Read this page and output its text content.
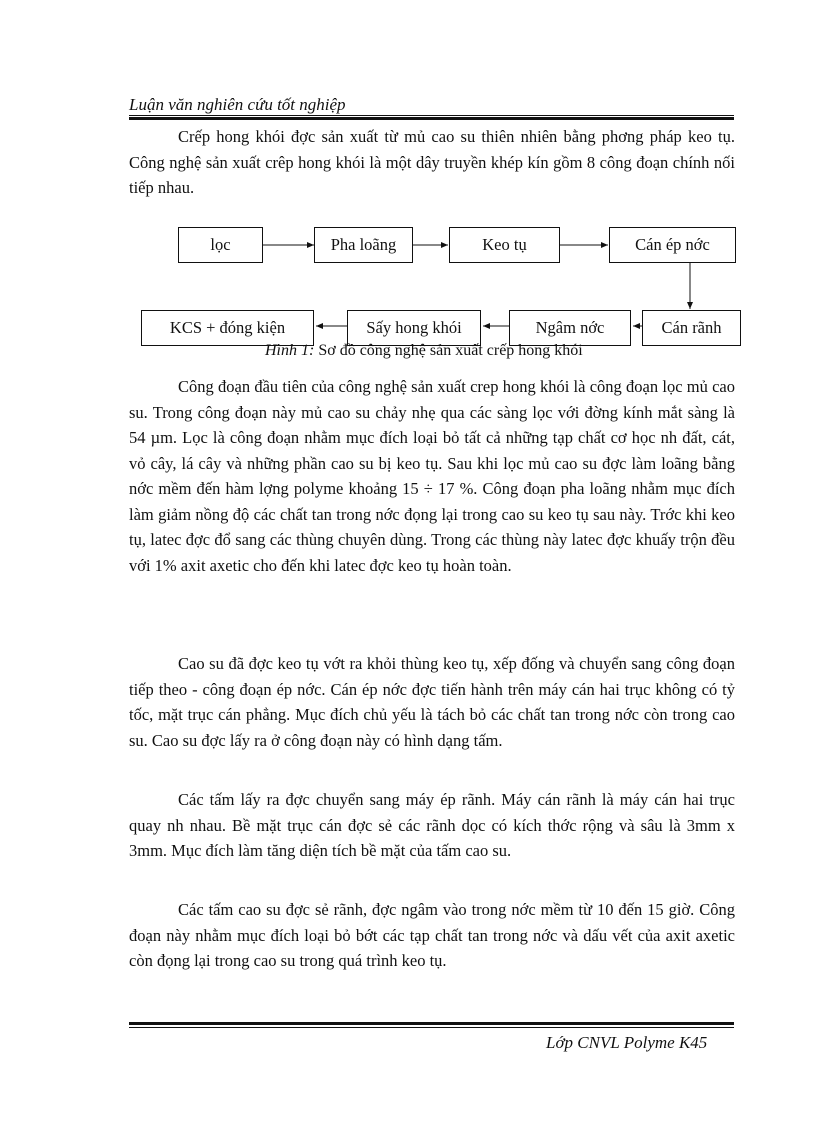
Luận văn nghiên cứu tốt nghiệp

Crếp hong khói đợc sản xuất từ mủ cao su thiên nhiên bằng phơng pháp keo tụ. Công nghệ sản xuất crêp hong khói là một dây truyền khép kín gồm 8 công đoạn chính nối tiếp nhau.

lọc	Pha loãng	Keo tụ	Cán ép nớc
Cán rãnh
Ngâm nớc
Sấy hong khói
KCS + đóng kiện
Hình 1: Sơ đồ công nghệ sản xuất crếp hong khói

Công đoạn đầu tiên của công nghệ sản xuất crep hong khói là công đoạn lọc mủ cao su. Trong công đoạn này mủ cao su chảy nhẹ qua các sàng lọc với đờng kính mắt sàng là 54 µm. Lọc là công đoạn nhằm mục đích loại bỏ tất cả những tạp chất cơ học nh đất, cát, vỏ cây, lá cây và những phần cao su bị keo tụ. Sau khi lọc mủ cao su đợc làm loãng bằng nớc mềm đến hàm lợng polyme khoảng 15 ÷ 17 %. Công đoạn pha loãng nhằm mục đích làm giảm nồng độ các chất tan trong nớc đọng lại trong cao su keo tụ sau này. Trớc khi keo tụ, latec đợc đổ sang các thùng chuyên dùng. Trong các thùng này latec đợc khuấy trộn đều với 1% axit axetic cho đến khi latec đợc keo tụ hoàn toàn.

Cao su đã đợc keo tụ vớt ra khỏi thùng keo tụ, xếp đống và chuyển sang công đoạn tiếp theo - công đoạn ép nớc. Cán ép nớc đợc tiến hành trên máy cán hai trục không có tỷ tốc, mặt trục cán phẳng. Mục đích chủ yếu là tách bỏ các chất tan trong nớc còn trong cao su. Cao su đợc lấy ra ở công đoạn này có hình dạng tấm.

Các tấm lấy ra đợc chuyển sang máy ép rãnh. Máy cán rãnh là máy cán hai trục quay nh nhau. Bề mặt trục cán đợc sẻ các rãnh dọc có kích thớc rộng và sâu là 3mm x 3mm. Mục đích làm tăng diện tích bề mặt của tấm cao su.

Các tấm cao su đợc sẻ rãnh, đợc ngâm vào trong nớc mềm từ 10 đến 15 giờ. Công đoạn này nhằm mục đích loại bỏ bớt các tạp chất tan trong nớc và dấu vết của axit axetic còn đọng lại trong cao su trong quá trình keo tụ.

Lớp CNVL Polyme K45
